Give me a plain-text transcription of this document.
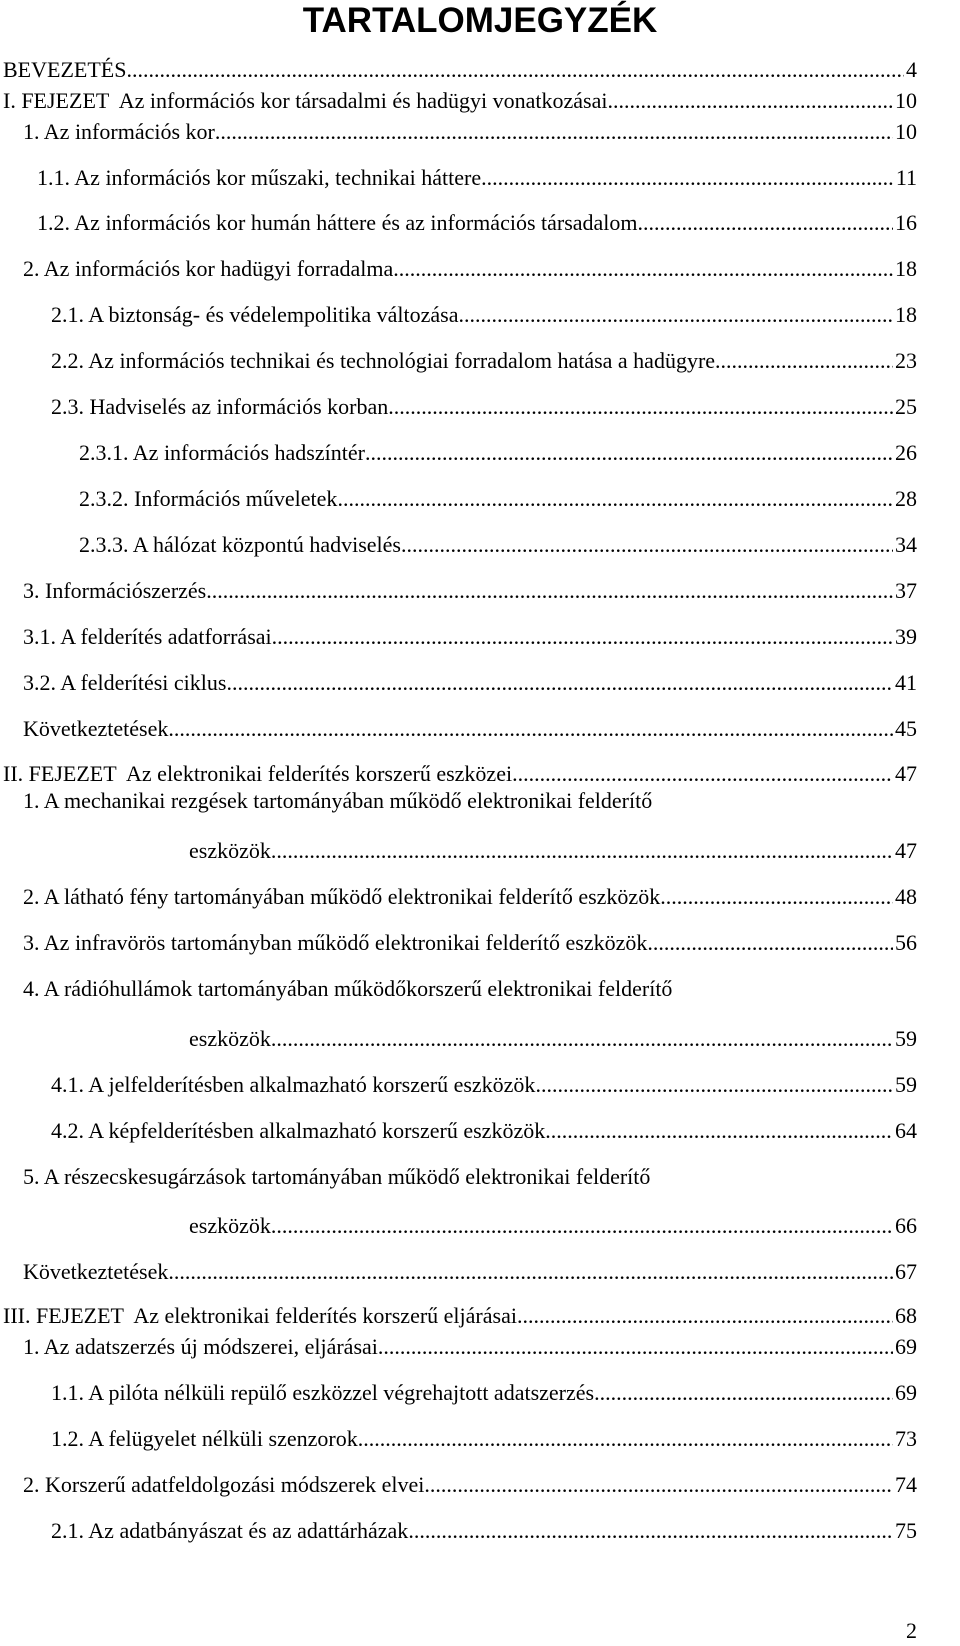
TARTALOMJEGYZÉK
BEVEZETÉS .....	4
I. FEJEZET  Az információs kor társadalmi és hadügyi vonatkozásai .....	10
1. Az információs kor .....	10
1.1. Az információs kor műszaki, technikai háttere .....	11
1.2. Az információs kor humán háttere és az információs társadalom .....	16
2. Az információs kor hadügyi forradalma .....	18
2.1. A biztonság- és védelempolitika változása .....	18
2.2. Az információs technikai és technológiai forradalom hatása a hadügyre .....	23
2.3. Hadviselés az információs korban .....	25
2.3.1. Az információs hadszíntér .....	26
2.3.2. Információs műveletek .....	28
2.3.3. A hálózat központú hadviselés .....	34
3. Információszerzés .....	37
3.1. A felderítés adatforrásai .....	39
3.2. A felderítési ciklus .....	41
Következtetések .....	45
II. FEJEZET  Az elektronikai felderítés korszerű eszközei .....	47
1. A mechanikai rezgések tartományában működő elektronikai felderítő
eszközök .....	47
2. A látható fény tartományában működő elektronikai felderítő eszközök .....	48
3. Az infravörös tartományban működő elektronikai felderítő eszközök .....	56
4. A rádióhullámok tartományában működőkorszerű elektronikai felderítő
eszközök .....	59
4.1. A jelfelderítésben alkalmazható korszerű eszközök .....	59
4.2. A képfelderítésben alkalmazható korszerű eszközök .....	64
5. A részecskesugárzások tartományában működő elektronikai felderítő
eszközök .....	66
Következtetések .....	67
III. FEJEZET  Az elektronikai felderítés korszerű eljárásai .....	68
1. Az adatszerzés új módszerei, eljárásai .....	69
1.1. A pilóta nélküli repülő eszközzel végrehajtott adatszerzés .....	69
1.2. A felügyelet nélküli szenzorok .....	73
2. Korszerű adatfeldolgozási módszerek elvei .....	74
2.1. Az adatbányászat és az adattárházak .....	75
2
